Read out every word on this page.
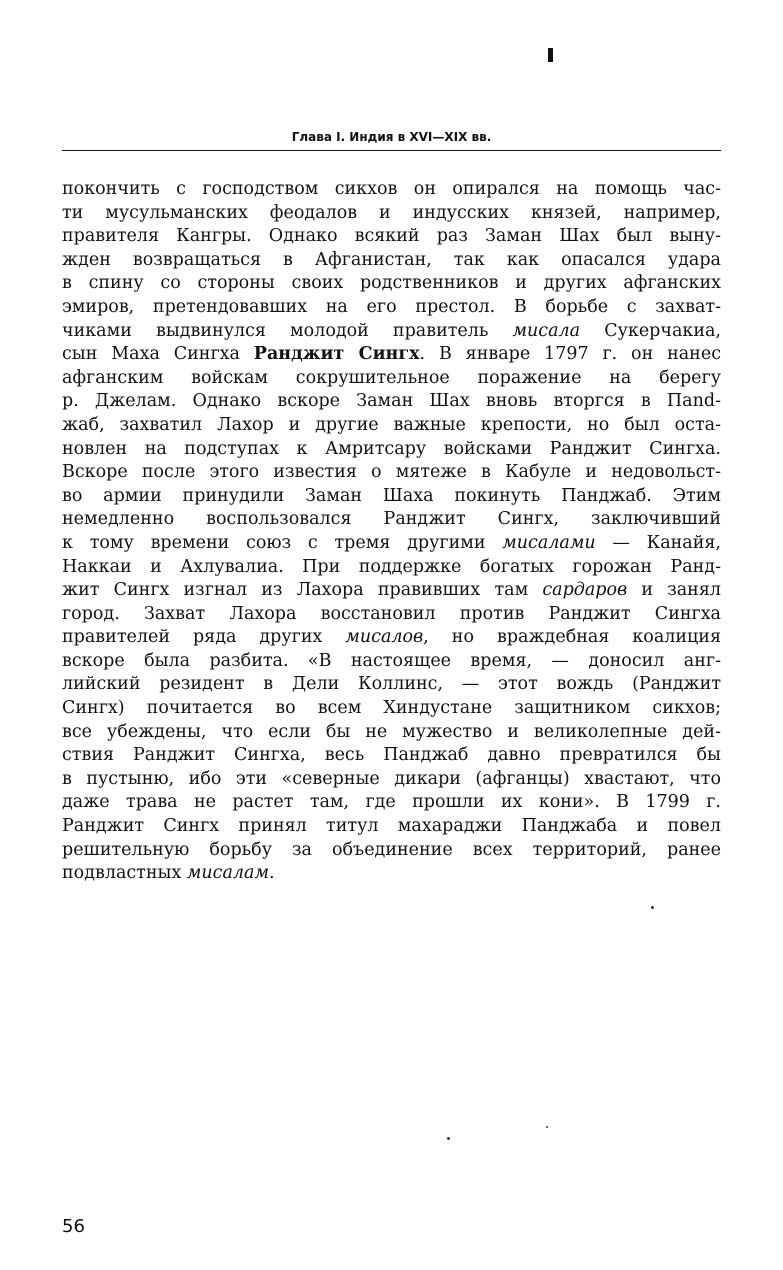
Глава I. Индия в XVI—XIX вв.
покончить с господством сикхов он опирался на помощь час-
ти мусульманских феодалов и индусских князей, например,
правителя Кангры. Однако всякий раз Заман Шах был выну-
жден возвращаться в Афганистан, так как опасался удара
в спину со стороны своих родственников и других афганских
эмиров, претендовавших на его престол. В борьбе с захват-
чиками выдвинулся молодой правитель мисала Сукерчакиа,
сын Маха Сингха Ранджит Сингх. В январе 1797 г. он нанес
афганским войскам сокрушительное поражение на берегу
р. Джелам. Однако вскоре Заман Шах вновь вторгся в Пand-
жаб, захватил Лахор и другие важные крепости, но был оста-
новлен на подступах к Амритсару войсками Ранджит Сингха.
Вскоре после этого известия о мятеже в Кабуле и недовольст-
во армии принудили Заман Шаха покинуть Панджаб. Этим
немедленно воспользовался Ранджит Сингх, заключивший
к тому времени союз с тремя другими мисалами — Канайя,
Наккаи и Ахлувалиа. При поддержке богатых горожан Ранд-
жит Сингх изгнал из Лахора правивших там сардаров и занял
город. Захват Лахора восстановил против Ранджит Сингха
правителей ряда других мисалов, но враждебная коалиция
вскоре была разбита. «В настоящее время, — доносил анг-
лийский резидент в Дели Коллинс, — этот вождь (Ранджит
Сингх) почитается во всем Хиндустане защитником сикхов;
все убеждены, что если бы не мужество и великолепные дей-
ствия Ранджит Сингха, весь Панджаб давно превратился бы
в пустыню, ибо эти «северные дикари (афганцы) хвастают, что
даже трава не растет там, где прошли их кони». В 1799 г.
Ранджит Сингх принял титул махараджи Панджаба и повел
решительную борьбу за объединение всех территорий, ранее
подвластных мисалам.
56
